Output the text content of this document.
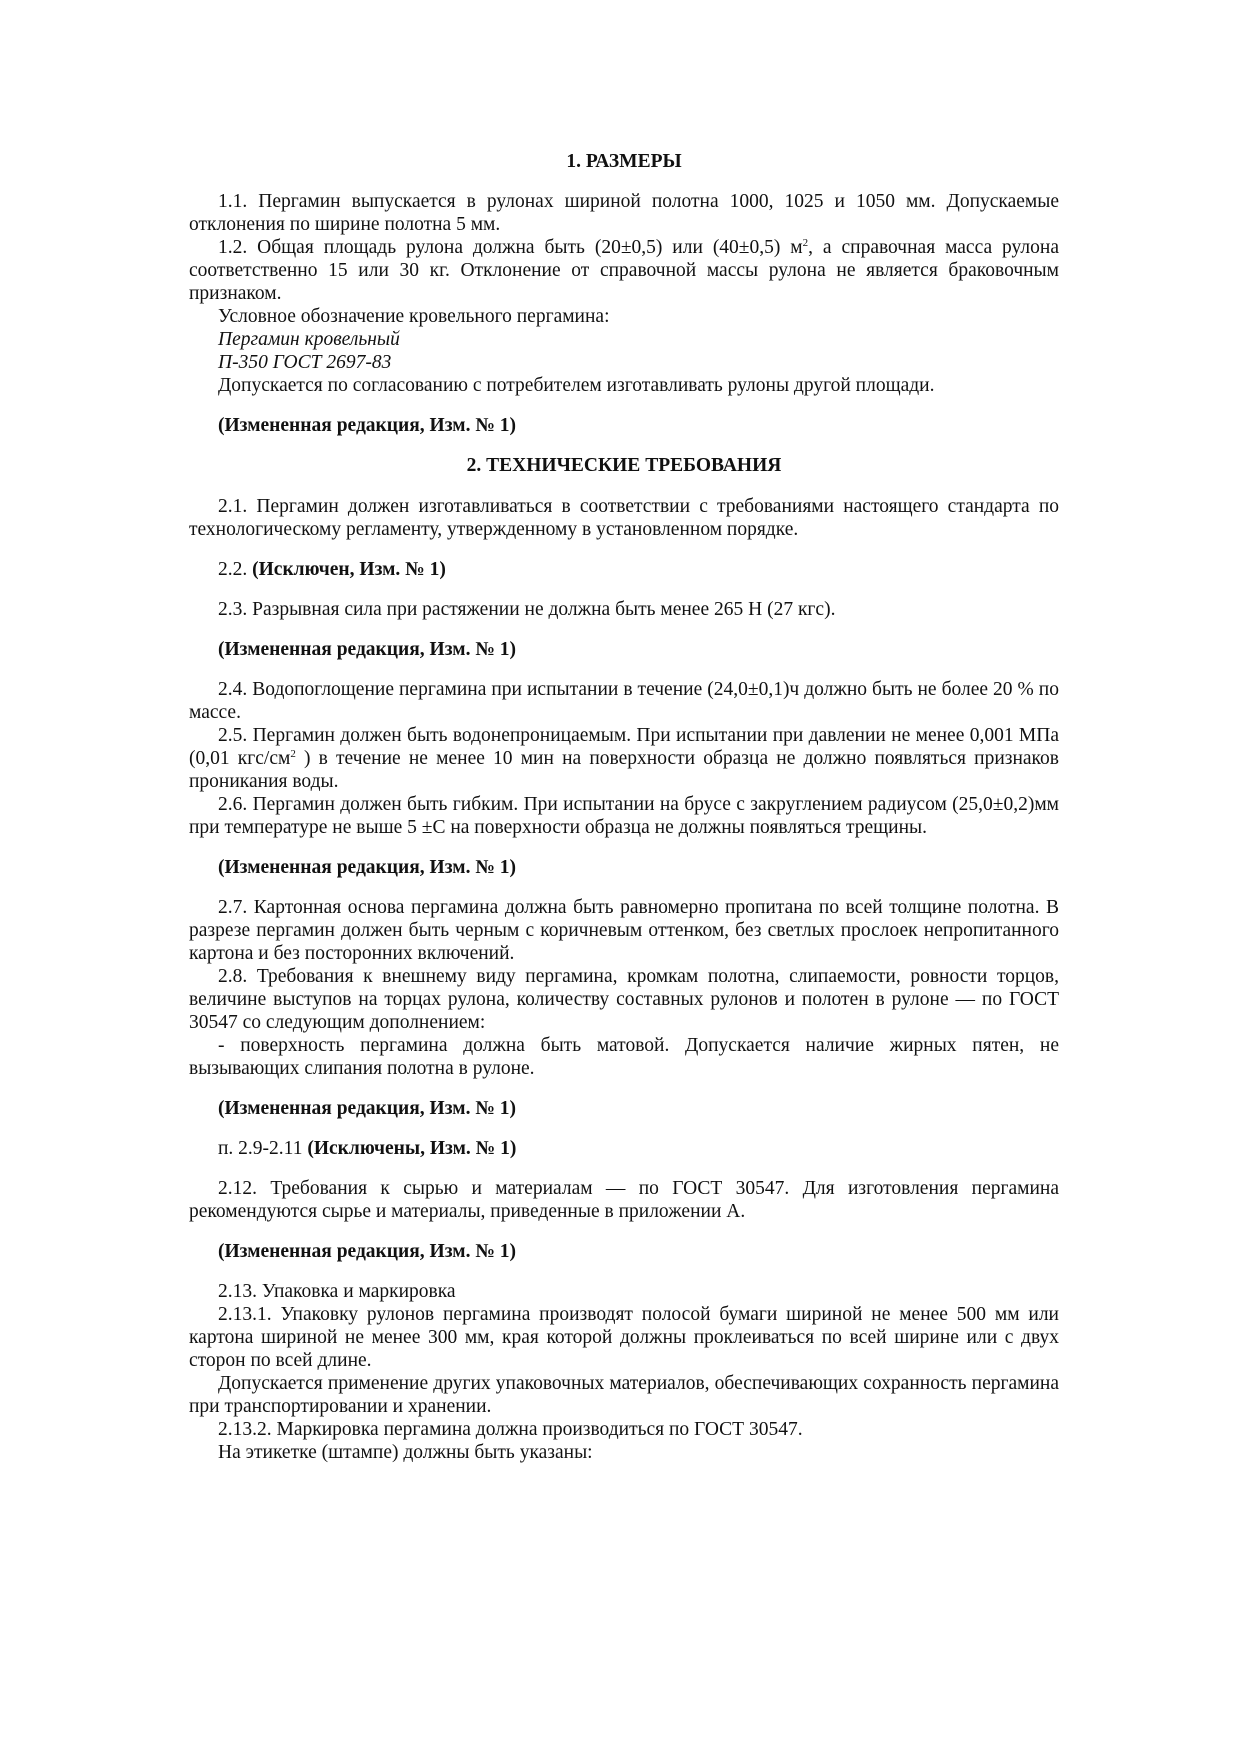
1. РАЗМЕРЫ

1.1. Пергамин выпускается в рулонах шириной полотна 1000, 1025 и 1050 мм. Допускаемые отклонения по ширине полотна 5 мм.

1.2. Общая площадь рулона должна быть (20±0,5) или (40±0,5) $м^2$, а справочная масса рулона соответственно 15 или 30 кг. Отклонение от справочной массы рулона не является браковочным признаком.

Условное обозначение кровельного пергамина:

Пергамин кровельный

П-350 ГОСТ 2697-83

Допускается по согласованию с потребителем изготавливать рулоны другой площади.

(Измененная редакция, Изм. № 1)

2. ТЕХНИЧЕСКИЕ ТРЕБОВАНИЯ

2.1. Пергамин должен изготавливаться в соответствии с требованиями настоящего стандарта по технологическому регламенту, утвержденному в установленном порядке.

2.2. (Исключен, Изм. № 1)

2.3. Разрывная сила при растяжении не должна быть менее 265 Н (27 кгс).

(Измененная редакция, Изм. № 1)

2.4. Водопоглощение пергамина при испытании в течение (24,0±0,1)ч должно быть не более 20 % по массе.

2.5. Пергамин должен быть водонепроницаемым. При испытании при давлении не менее 0,001 МПа (0,01 кгс/$см^2$ ) в течение не менее 10 мин на поверхности образца не должно появляться признаков проникания воды.

2.6. Пергамин должен быть гибким. При испытании на брусе с закруглением радиусом (25,0±0,2)мм при температуре не выше 5 ±С на поверхности образца не должны появляться трещины.

(Измененная редакция, Изм. № 1)

2.7. Картонная основа пергамина должна быть равномерно пропитана по всей толщине полотна. В разрезе пергамин должен быть черным с коричневым оттенком, без светлых прослоек непропитанного картона и без посторонних включений.

2.8. Требования к внешнему виду пергамина, кромкам полотна, слипаемости, ровности торцов, величине выступов на торцах рулона, количеству составных рулонов и полотен в рулоне — по ГОСТ 30547 со следующим дополнением:

- поверхность пергамина должна быть матовой. Допускается наличие жирных пятен, не вызывающих слипания полотна в рулоне.

(Измененная редакция, Изм. № 1)

п. 2.9-2.11 (Исключены, Изм. № 1)

2.12. Требования к сырью и материалам — по ГОСТ 30547. Для изготовления пергамина рекомендуются сырье и материалы, приведенные в приложении А.

(Измененная редакция, Изм. № 1)

2.13. Упаковка и маркировка

2.13.1. Упаковку рулонов пергамина производят полосой бумаги шириной не менее 500 мм или картона шириной не менее 300 мм, края которой должны проклеиваться по всей ширине или с двух сторон по всей длине.

Допускается применение других упаковочных материалов, обеспечивающих сохранность пергамина при транспортировании и хранении.

2.13.2. Маркировка пергамина должна производиться по ГОСТ 30547.

На этикетке (штампе) должны быть указаны:
